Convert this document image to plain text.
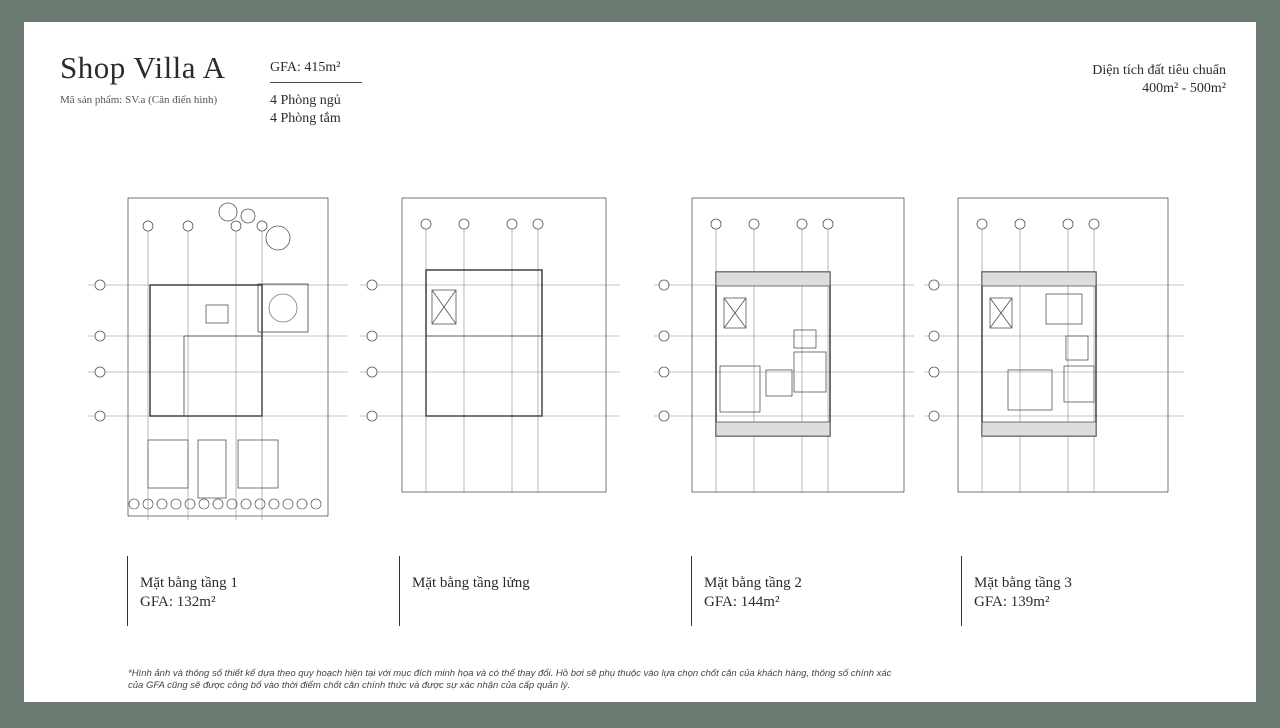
Shop Villa A
Mã sản phẩm: SV.a (Căn điển hình)
GFA: 415m²
4 Phòng ngủ
4 Phòng tắm
Diện tích đất tiêu chuẩn
400m² - 500m²
Mặt bằng tầng 1
GFA: 132m²
Mặt bằng tầng lửng	Mặt bằng tầng 2
GFA: 144m²
Mặt bằng tầng 3
GFA: 139m²
*Hình ảnh và thông số thiết kế dựa theo quy hoạch hiện tại với mục đích minh họa và có thể thay đổi. Hồ bơi sẽ phụ thuộc vào lựa chọn chốt căn của khách hàng, thông số chính xác
của GFA cũng sẽ được công bố vào thời điểm chốt căn chính thức và được sự xác nhận của cấp quản lý.
